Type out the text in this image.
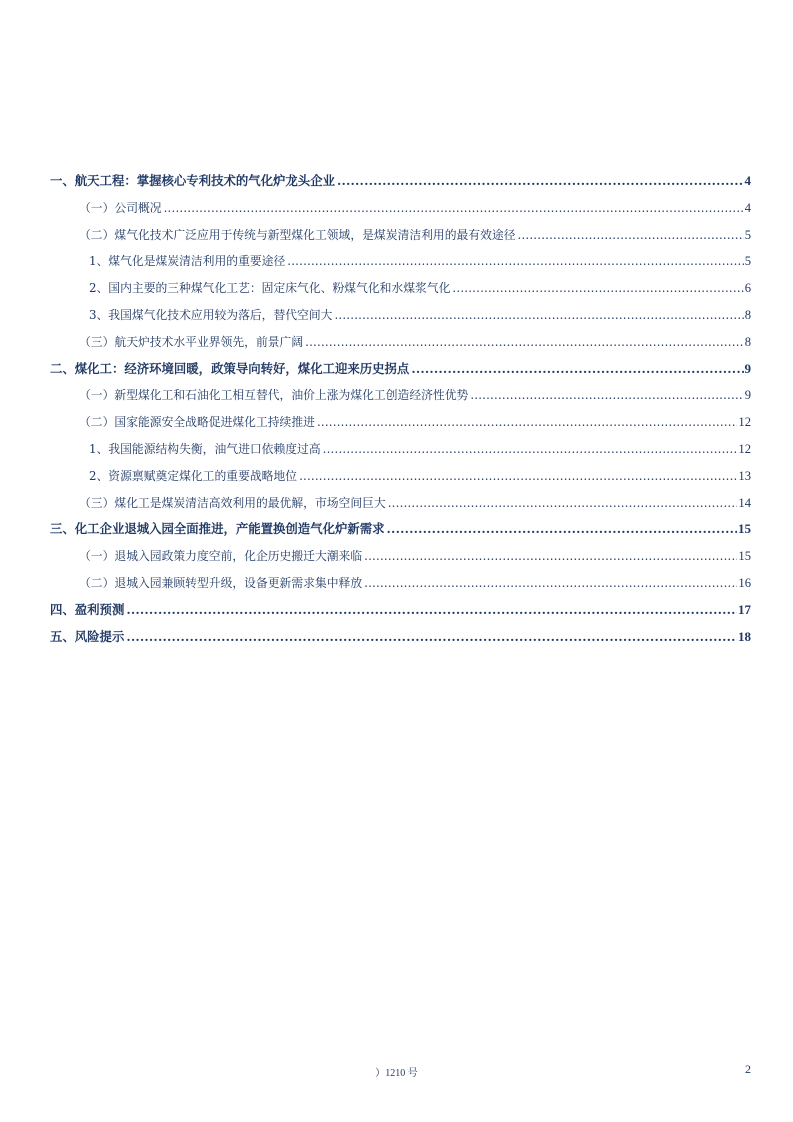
一、航天工程：掌握核心专利技术的气化炉龙头企业 .....	4
（一）公司概况 .....	4
（二）煤气化技术广泛应用于传统与新型煤化工领域，是煤炭清洁利用的最有效途径 .....	5
1、煤气化是煤炭清洁利用的重要途径 .....	5
2、国内主要的三种煤气化工艺：固定床气化、粉煤气化和水煤浆气化 .....	6
3、我国煤气化技术应用较为落后，替代空间大 .....	8
（三）航天炉技术水平业界领先，前景广阔 .....	8
二、煤化工：经济环境回暖，政策导向转好，煤化工迎来历史拐点 .....	9
（一）新型煤化工和石油化工相互替代，油价上涨为煤化工创造经济性优势 .....	9
（二）国家能源安全战略促进煤化工持续推进 .....	12
1、我国能源结构失衡，油气进口依赖度过高 .....	12
2、资源禀赋奠定煤化工的重要战略地位 .....	13
（三）煤化工是煤炭清洁高效利用的最优解，市场空间巨大 .....	14
三、化工企业退城入园全面推进，产能置换创造气化炉新需求 .....	15
（一）退城入园政策力度空前，化企历史搬迁大潮来临 .....	15
（二）退城入园兼顾转型升级，设备更新需求集中释放 .....	16
四、盈利预测 .....	17
五、风险提示 .....	18
）1210 号	2
